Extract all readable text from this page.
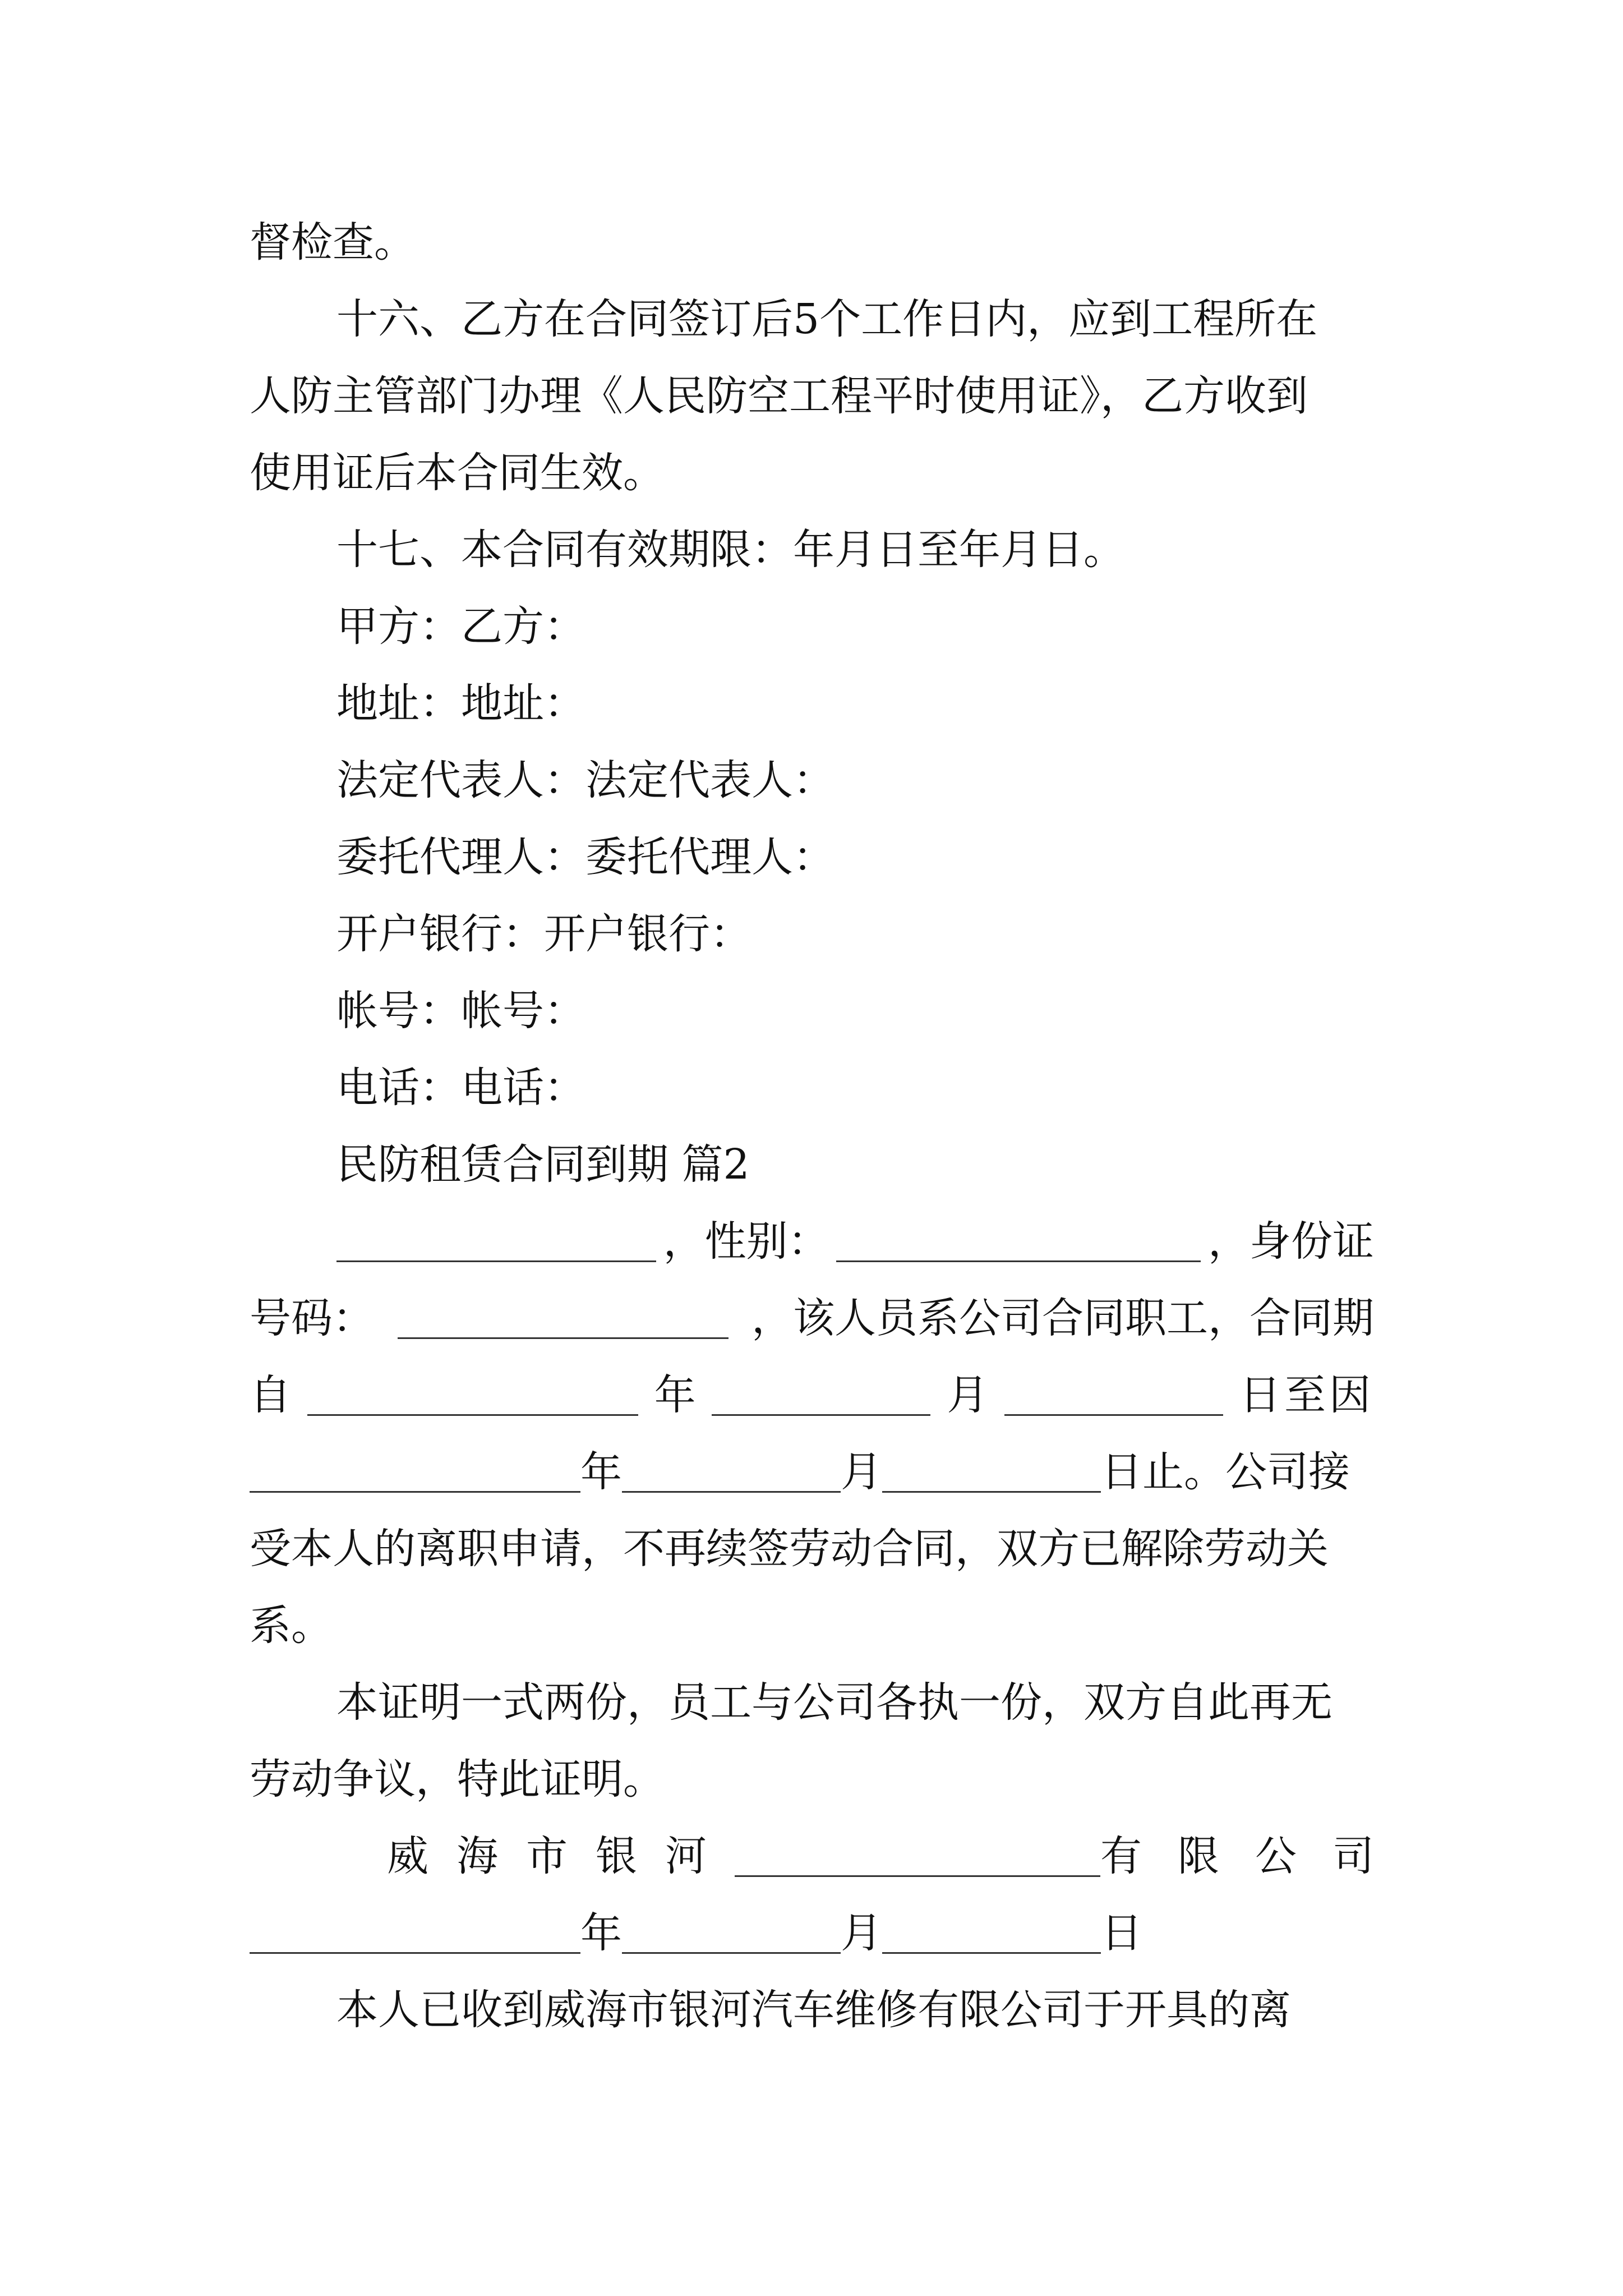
督检查。
十六、乙方在合同签订后5个工作日内，应到工程所在
人防主管部门办理《人民防空工程平时使用证》，乙方收到
使用证后本合同生效。
十七、本合同有效期限：年月日至年月日。
甲方：乙方：
地址：地址：
法定代表人：法定代表人：
委托代理人：委托代理人：
开户银行：开户银行：
帐号：帐号：
电话：电话：
民防租赁合同到期 篇2
，性别：	，身份证
号码：	，该人员系公司合同职工，合同期
自	年	月	日至因
年	月	日止。公司接
受本人的离职申请，不再续签劳动合同，双方已解除劳动关
系。
本证明一式两份，员工与公司各执一份，双方自此再无
劳动争议，特此证明。
威海市银河	有限公司
年	月	日
本人已收到威海市银河汽车维修有限公司于开具的离
